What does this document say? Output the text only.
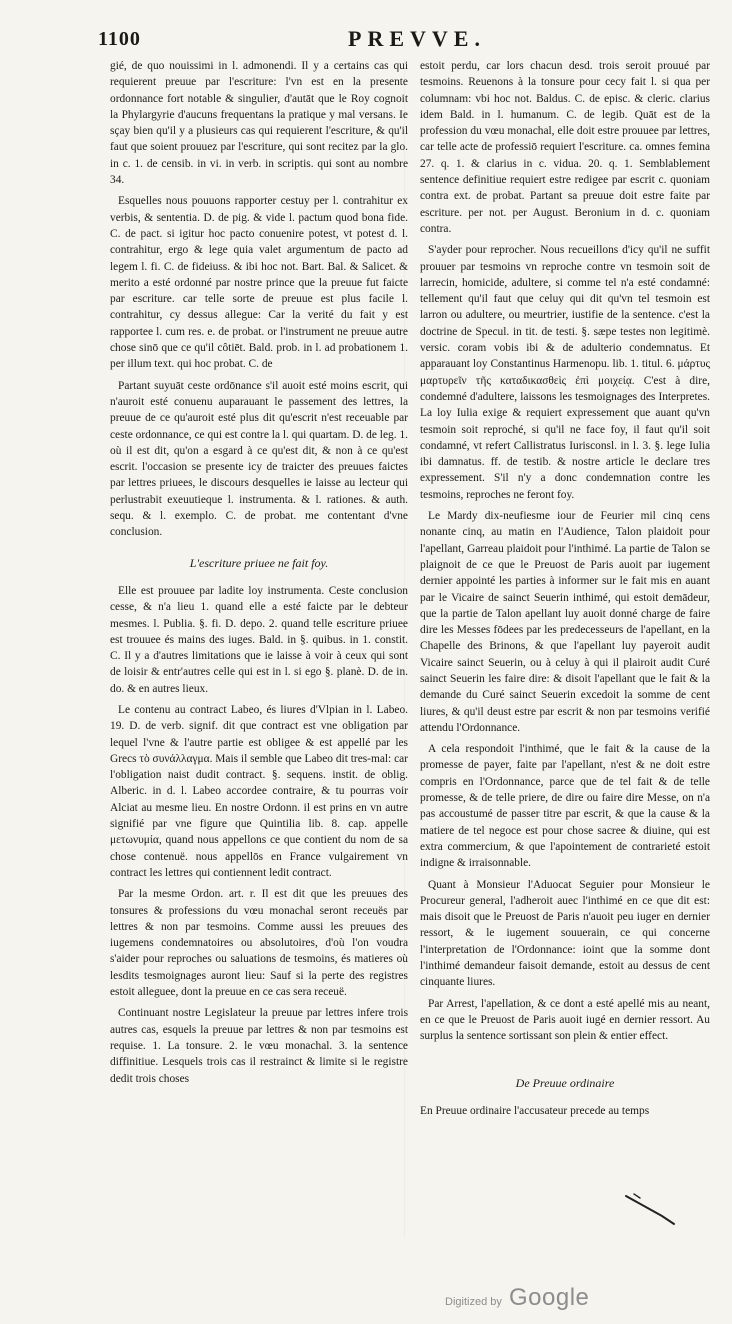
1100	PREVVE.

gié, de quo nouissimi in l. admonendi. Il y a certains cas qui requierent preuue par l'escriture: l'vn est en la presente ordonnance fort notable & singulier, d'autāt que le Roy cognoit la Phylargyrie d'aucuns frequentans la pratique y mal versans. Ie sçay bien qu'il y a plusieurs cas qui requierent l'escriture, & qu'il faut que soient prouuez par l'escriture, qui sont recitez par la glo. in c. 1. de censib. in vi. in verb. in scriptis. qui sont au nombre 34.

Esquelles nous pouuons rapporter cestuy per l. contrahitur ex verbis, & sententia. D. de pig. & vide l. pactum quod bona fide. C. de pact. si igitur hoc pacto conuenire potest, vt potest d. l. contrahitur, ergo & lege quia valet argumentum de pacto ad legem l. fi. C. de fideiuss. & ibi hoc not. Bart. Bal. & Salicet. & merito a esté ordonné par nostre prince que la preuue fut faicte par escriture. car telle sorte de preuue est plus facile l. contrahitur, cy dessus allegue: Car la verité du fait y est rapportee l. cum res. e. de probat. or l'instrument ne preuue autre chose sinō que ce qu'il côtiēt. Bald. prob. in l. ad probationem 1. per illum text. qui hoc probat. C. de

Partant suyuāt ceste ordōnance s'il auoit esté moins escrit, qui n'auroit esté conuenu auparauant le passement des lettres, la preuue de ce qu'auroit esté plus dit qu'escrit n'est receuable par ceste ordonnance, ce qui est contre la l. qui quartam. D. de leg. 1. où il est dit, qu'on a esgard à ce qu'est dit, & non à ce qu'est escrit. l'occasion se presente icy de traicter des preuues faictes par lettres priuees, le discours desquelles ie laisse au lecteur qui perlustrabit exeuutieque l. instrumenta. & l. rationes. & auth. sequ. & l. exemplo. C. de probat. me contentant d'vne conclusion.

L'escriture priuee ne fait foy.

Elle est prouuee par ladite loy instrumenta. Ceste conclusion cesse, & n'a lieu 1. quand elle a esté faicte par le debteur mesmes. l. Publia. §. fi. D. depo. 2. quand telle escriture priuee est trouuee és mains des iuges. Bald. in §. quibus. in 1. constit. C. Il y a d'autres limitations que ie laisse à voir à ceux qui sont de loisir & entr'autres celle qui est in l. si ego §. planè. D. de in. do. & en autres lieux.

Le contenu au contract Labeo, és liures d'Vlpian in l. Labeo. 19. D. de verb. signif. dit que contract est vne obligation par lequel l'vne & l'autre partie est obligee & est appellé par les Grecs τὸ συνάλλαγμα. Mais il semble que Labeo dit tres-mal: car l'obligation naist dudit contract. §. sequens. instit. de oblig. Alberic. in d. l. Labeo accordee contraire, & tu pourras voir Alciat au mesme lieu. En nostre Ordonn. il est prins en vn autre signifié par vne figure que Quintilia lib. 8. cap. appelle μετωνυμία, quand nous appellons ce que contient du nom de sa chose contenuë. nous appellōs en France vulgairement vn contract les lettres qui contiennent ledit contract.

Par la mesme Ordon. art. r. Il est dit que les preuues des tonsures & professions du vœu monachal seront receuës par lettres & non par tesmoins. Comme aussi les preuues des iugemens condemnatoires ou absolutoires, d'où l'on voudra s'aider pour reproches ou saluations de tesmoins, és matieres où lesdits tesmoignages auront lieu: Sauf si la perte des registres estoit alleguee, dont la preuue en ce cas sera receuë.

Continuant nostre Legislateur la preuue par lettres infere trois autres cas, esquels la preuue par lettres & non par tesmoins est requise. 1. La tonsure. 2. le vœu monachal. 3. la sentence diffinitiue. Lesquels trois cas il restrainct & limite si le registre dedit trois choses

estoit perdu, car lors chacun desd. trois seroit prouué par tesmoins. Reuenons à la tonsure pour cecy fait l. si qua per columnam: vbi hoc not. Baldus. C. de episc. & cleric. clarius idem Bald. in l. humanum. C. de legib. Quāt est de la profession du vœu monachal, elle doit estre prouuee par lettres, car telle acte de professiō requiert l'escriture. ca. omnes femina 27. q. 1. & clarius in c. vidua. 20. q. 1. Semblablement sentence definitiue requiert estre redigee par escrit c. quoniam contra ext. de probat. Partant sa preuue doit estre faite par escriture. per not. per August. Beronium in d. c. quoniam contra.

S'ayder pour reprocher. Nous recueillons d'icy qu'il ne suffit prouuer par tesmoins vn reproche contre vn tesmoin soit de larrecin, homicide, adultere, si comme tel n'a esté condamné: tellement qu'il faut que celuy qui dit qu'vn tel tesmoin est larron ou adultere, ou meurtrier, iustifie de la sentence. c'est la doctrine de Specul. in tit. de testi. §. sæpe testes non legitimè. versic. coram vobis ibi & de adulterio condemnatus. Et apparauant loy Constantinus Harmenopu. lib. 1. titul. 6. μάρτυς μαρτυρεῖν τῆς καταδικασθεὶς ἐπὶ μοιχείᾳ. C'est à dire, condemné d'adultere, laissons les tesmoignages des Interpretes. La loy Iulia exige & requiert expressement que auant qu'vn tesmoin soit reproché, si qu'il ne face foy, il faut qu'il soit condamné, vt refert Callistratus Iurisconsl. in l. 3. §. lege Iulia ibi damnatus. ff. de testib. & nostre article le declare tres expressement. S'il n'y a donc condemnation contre les tesmoins, reproches ne feront foy.

Le Mardy dix-neufiesme iour de Feurier mil cinq cens nonante cinq, au matin en l'Audience, Talon plaidoit pour l'apellant, Garreau plaidoit pour l'inthimé. La partie de Talon se plaignoit de ce que le Preuost de Paris auoit par iugement dernier appointé les parties à informer sur le fait mis en auant par le Vicaire de sainct Seuerin inthimé, qui estoit demādeur, que la partie de Talon apellant luy auoit donné charge de faire dire les Messes fōdees par les predecesseurs de l'apellant, en la Chapelle des Brinons, & que l'apellant luy payeroit audit Vicaire sainct Seuerin, ou à celuy à qui il plairoit audit Curé sainct Seuerin les faire dire: & disoit l'apellant que le fait & la demande du Curé sainct Seuerin excedoit la somme de cent liures, & qu'il deust estre par escrit & non par tesmoins verifié attendu l'Ordonnance.

A cela respondoit l'inthimé, que le fait & la cause de la promesse de payer, faite par l'apellant, n'est & ne doit estre compris en l'Ordonnance, parce que de tel fait & de telle promesse, & de telle priere, de dire ou faire dire Messe, on n'a pas accoustumé de passer titre par escrit, & que la cause & la matiere de tel negoce est pour chose sacree & diuine, qui est extra commercium, & que l'apointement de contrarieté estoit indigne & irraisonnable.

Quant à Monsieur l'Aduocat Seguier pour Monsieur le Procureur general, l'adheroit auec l'inthimé en ce que dit est: mais disoit que le Preuost de Paris n'auoit peu iuger en dernier ressort, & le iugement souuerain, ce qui concerne l'interpretation de l'Ordonnance: ioint que la somme dont l'inthimé demandeur faisoit demande, estoit au dessus de cent cinquante liures.

Par Arrest, l'apellation, & ce dont a esté apellé mis au neant, en ce que le Preuost de Paris auoit iugé en dernier ressort. Au surplus la sentence sortissant son plein & entier effect.

De Preuue ordinaire

En Preuue ordinaire l'accusateur precede au temps

Digitized by Google
